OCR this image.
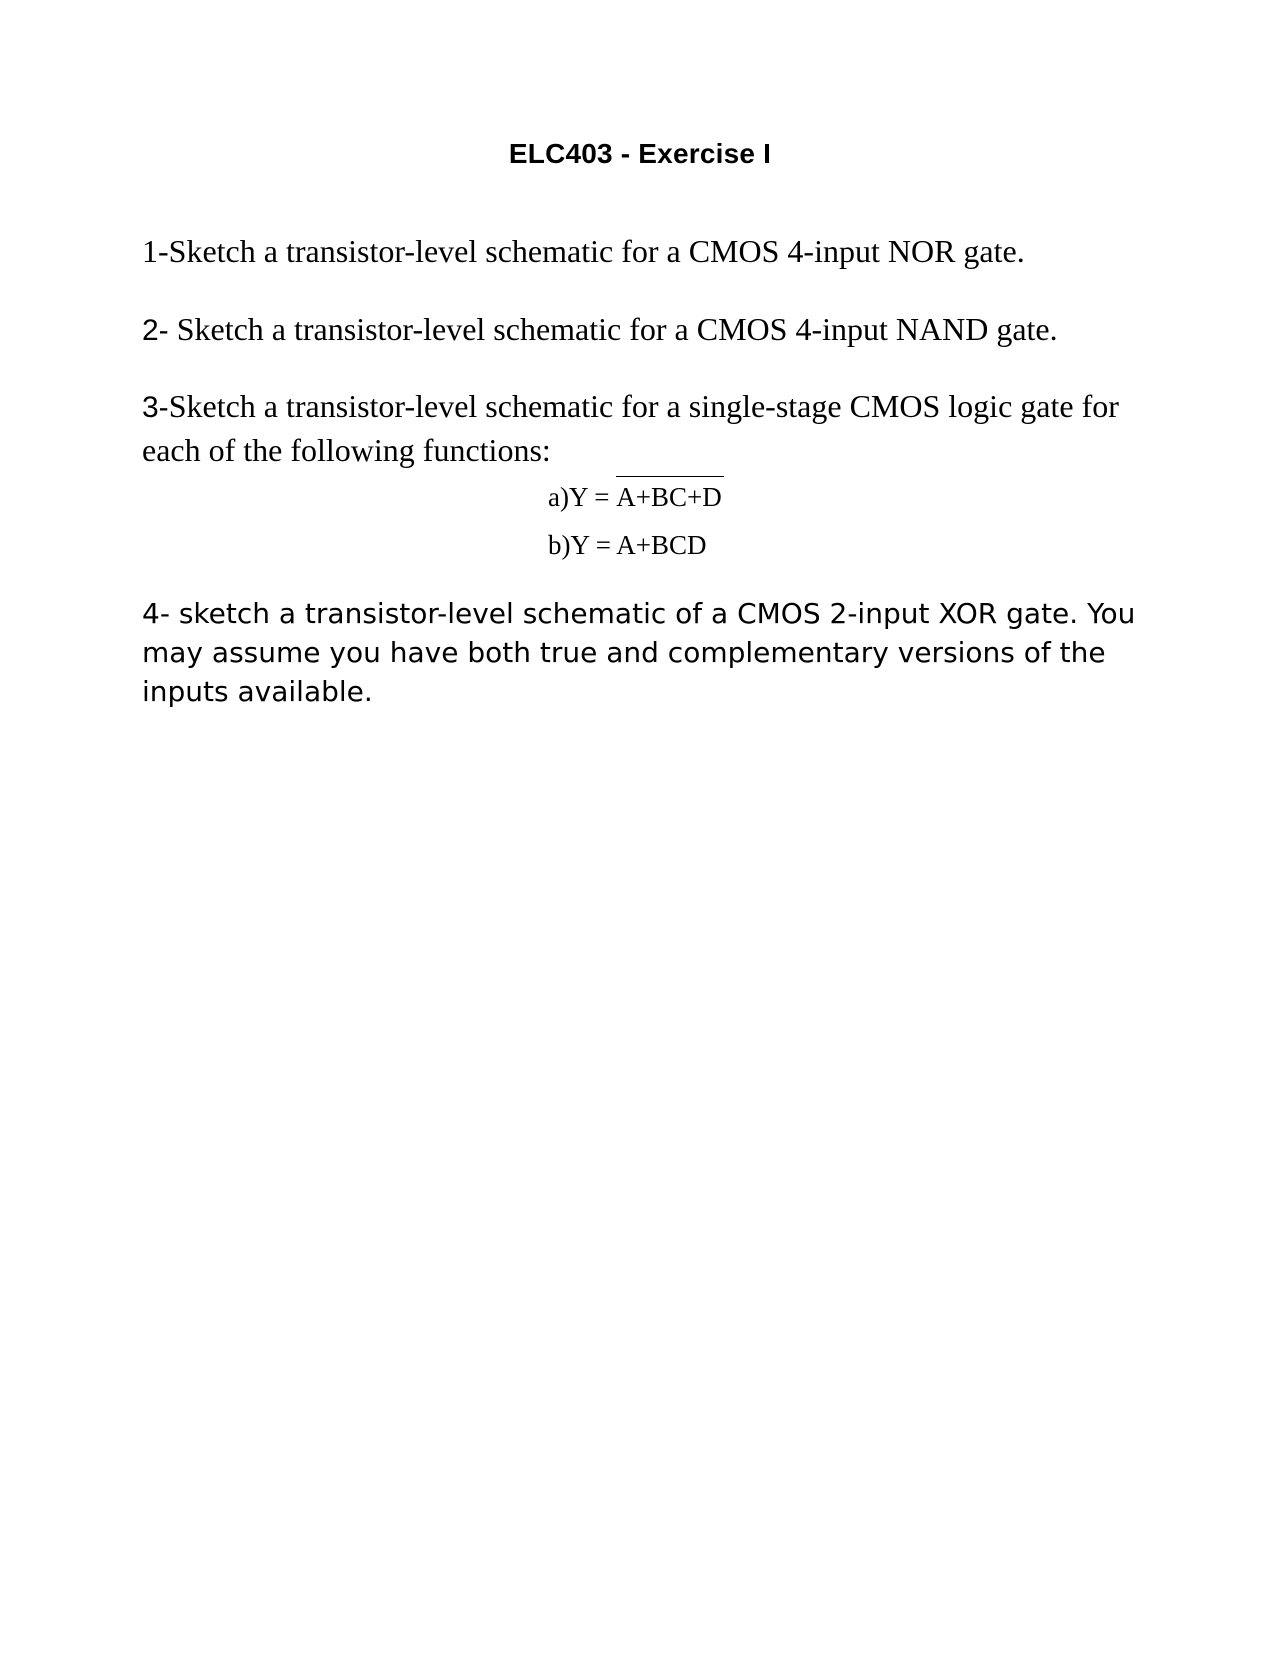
ELC403 - Exercise I
1-Sketch a transistor-level schematic for a CMOS 4-input NOR gate.
2- Sketch a transistor-level schematic for a CMOS 4-input NAND gate.
3-Sketch a transistor-level schematic for a single-stage CMOS logic gate for each of the following functions:
a)Y = A+BC+D
b)Y = A+BCD
4- sketch a transistor-level schematic of a CMOS 2-input XOR gate. You may assume you have both true and complementary versions of the inputs available.
